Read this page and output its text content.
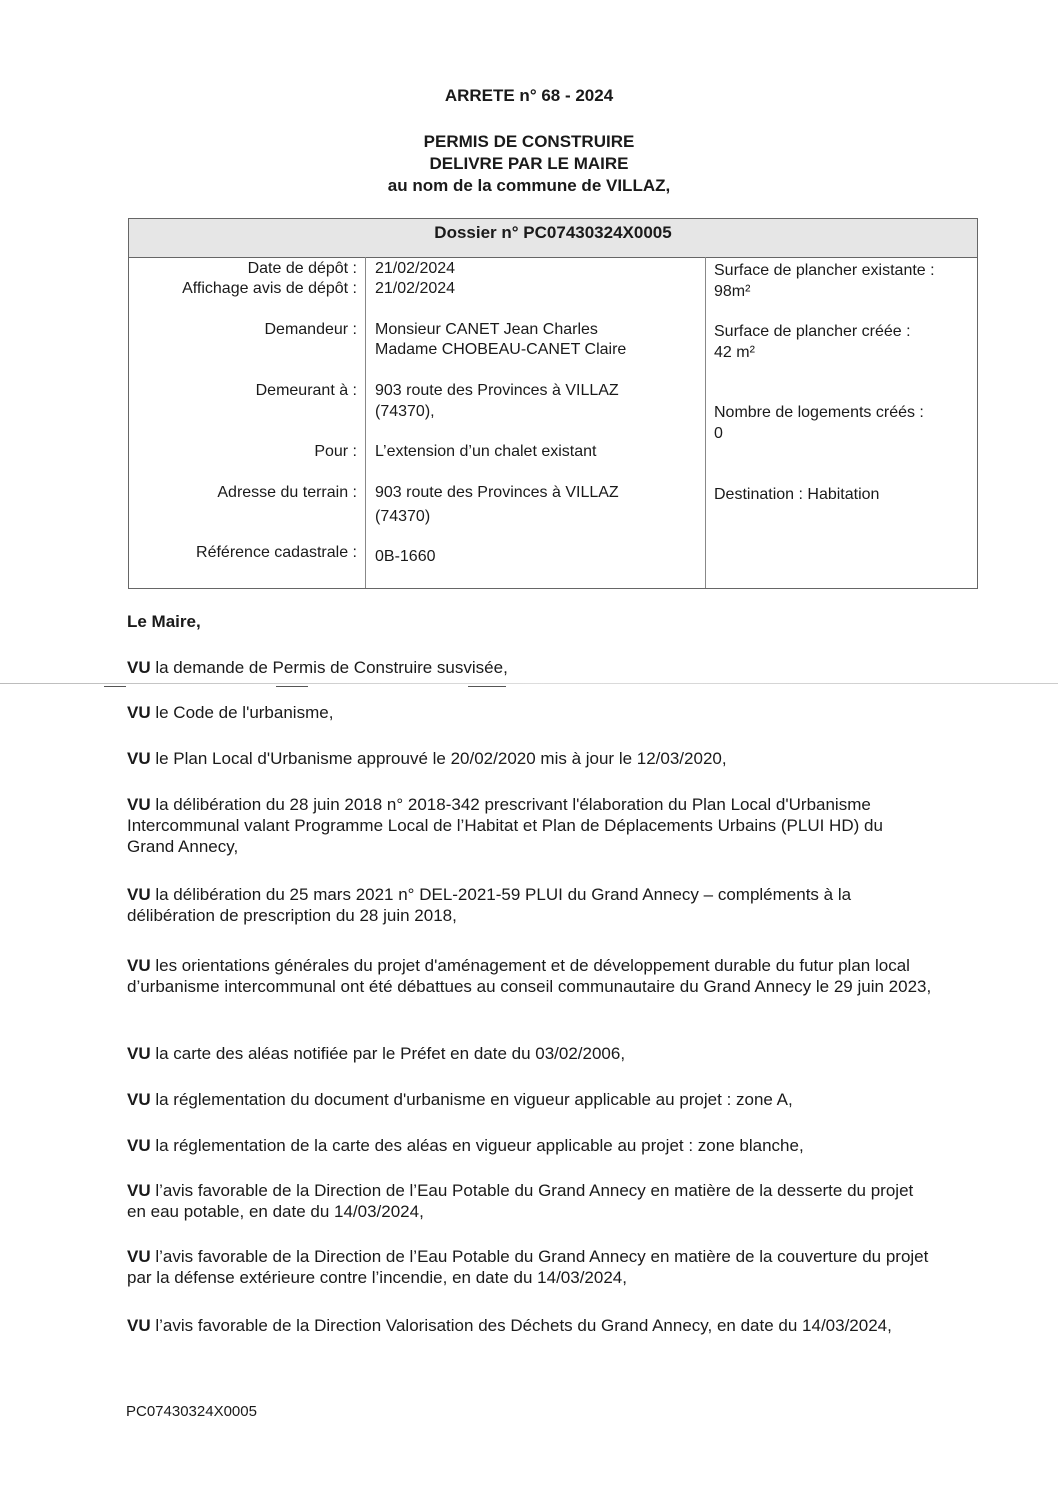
ARRETE n° 68 - 2024
PERMIS DE CONSTRUIRE
DELIVRE PAR LE MAIRE
au nom de la commune de VILLAZ,
Dossier n° PC07430324X0005
Date de dépôt :
Affichage avis de dépôt :
Demandeur :
Demeurant à :
Pour :
Adresse du terrain :
Référence cadastrale :
21/02/2024
21/02/2024
Monsieur CANET Jean Charles
Madame CHOBEAU-CANET Claire
903 route des Provinces à VILLAZ
(74370),
L’extension d’un chalet existant
903 route des Provinces à VILLAZ
(74370)
0B-1660
Surface de plancher existante :
98m²
Surface de plancher créée :
42 m²
Nombre de logements créés :
0
Destination : Habitation
Le Maire,
VU la demande de Permis de Construire susvisée,
VU le Code de l'urbanisme,
VU le Plan Local d'Urbanisme approuvé le 20/02/2020 mis à jour le 12/03/2020,
VU la délibération du 28 juin 2018 n° 2018-342 prescrivant l'élaboration du Plan Local d'Urbanisme Intercommunal valant Programme Local de l’Habitat et Plan de Déplacements Urbains (PLUI HD) du Grand Annecy,
VU la délibération du 25 mars 2021 n° DEL-2021-59 PLUI du Grand Annecy – compléments à la délibération de prescription du 28 juin 2018,
VU les orientations générales du projet d'aménagement et de développement durable du futur plan local d’urbanisme intercommunal ont été débattues au conseil communautaire du Grand Annecy le 29 juin 2023,
VU la carte des aléas notifiée par le Préfet en date du 03/02/2006,
VU la réglementation du document d'urbanisme en vigueur applicable au projet : zone A,
VU la réglementation de la carte des aléas en vigueur applicable au projet : zone blanche,
VU l’avis favorable de la Direction de l’Eau Potable du Grand Annecy en matière de la desserte du projet en eau potable, en date du 14/03/2024,
VU l’avis favorable de la Direction de l’Eau Potable du Grand Annecy en matière de la couverture du projet par la défense extérieure contre l’incendie, en date du 14/03/2024,
VU l’avis favorable de la Direction Valorisation des Déchets du Grand Annecy, en date du 14/03/2024,
PC07430324X0005
